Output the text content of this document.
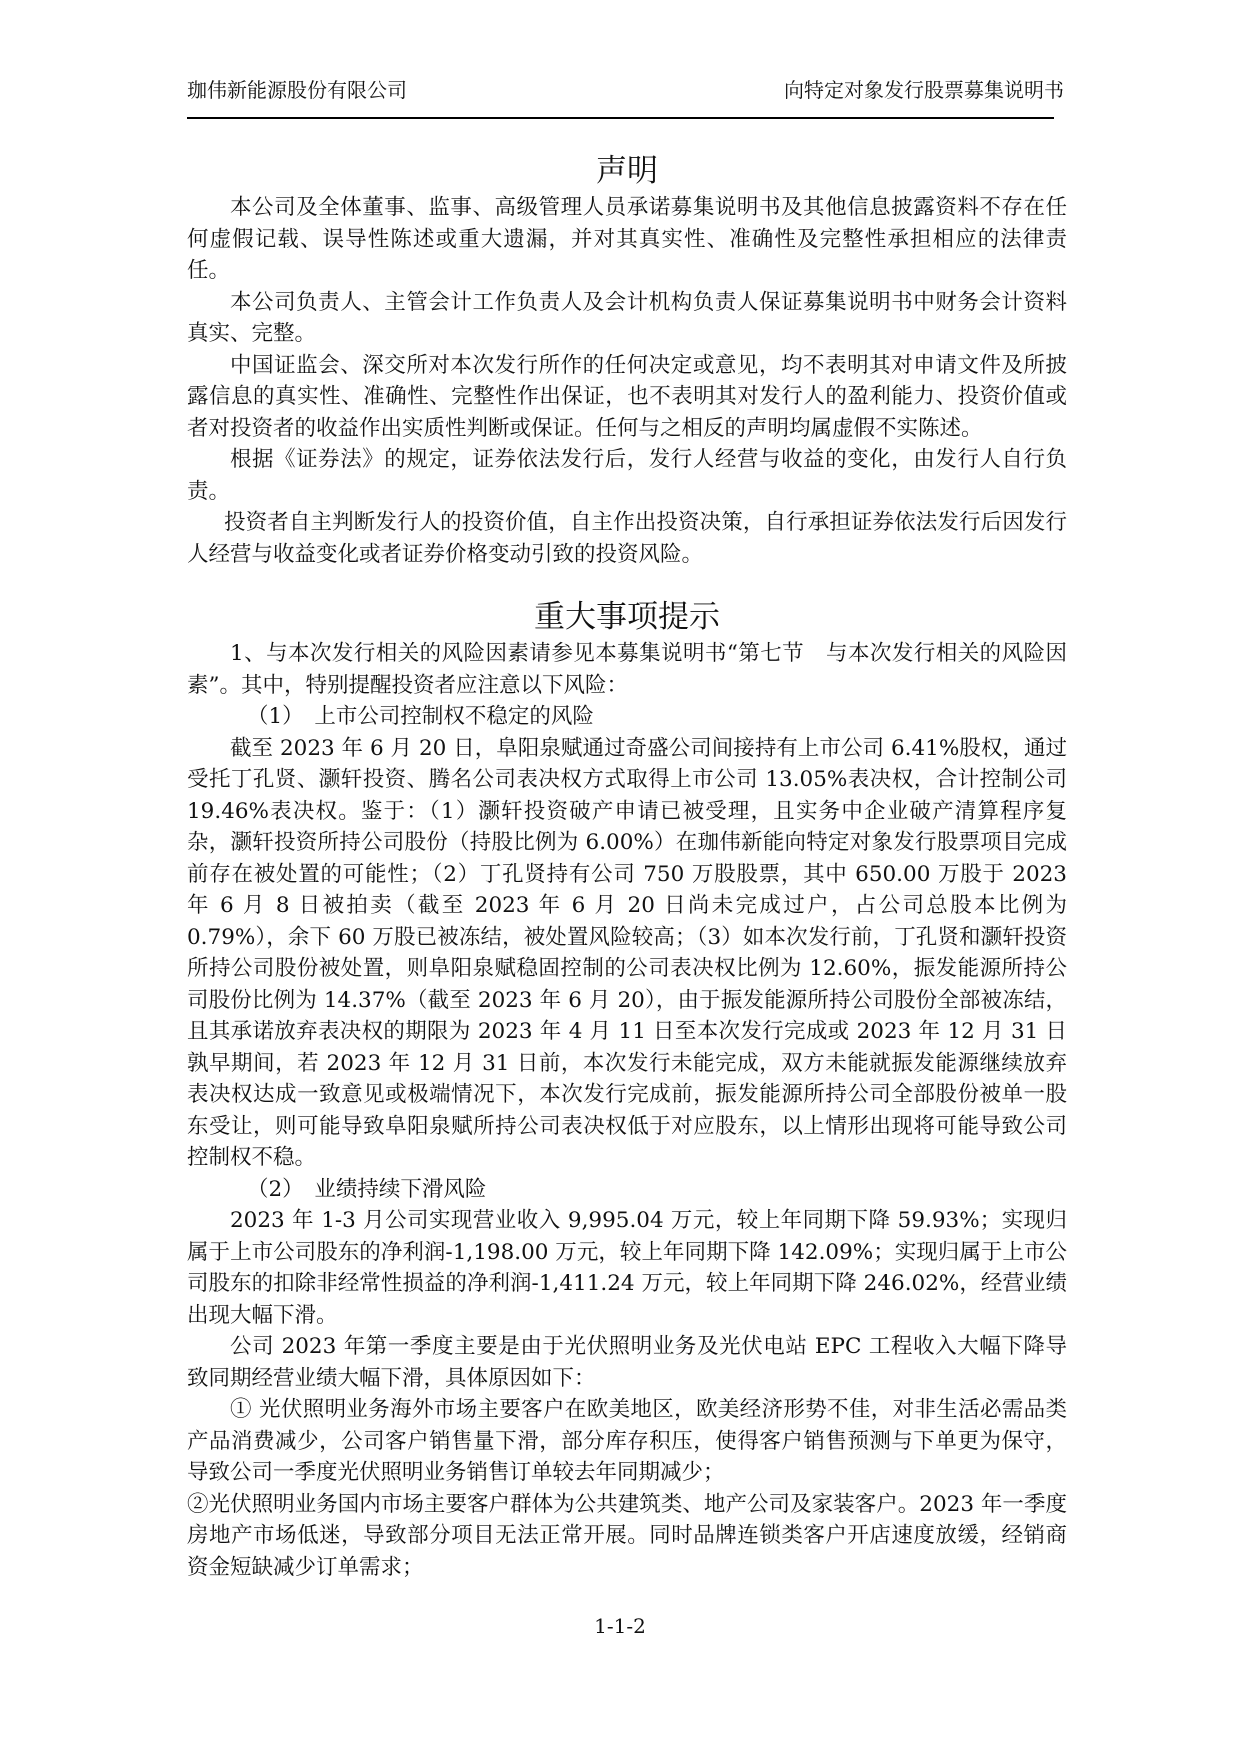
珈伟新能源股份有限公司	向特定对象发行股票募集说明书
声明

本公司及全体董事、监事、高级管理人员承诺募集说明书及其他信息披露资料不存在任何虚假记载、误导性陈述或重大遗漏，并对其真实性、准确性及完整性承担相应的法律责任。

本公司负责人、主管会计工作负责人及会计机构负责人保证募集说明书中财务会计资料真实、完整。

中国证监会、深交所对本次发行所作的任何决定或意见，均不表明其对申请文件及所披露信息的真实性、准确性、完整性作出保证，也不表明其对发行人的盈利能力、投资价值或者对投资者的收益作出实质性判断或保证。任何与之相反的声明均属虚假不实陈述。

根据《证券法》的规定，证券依法发行后，发行人经营与收益的变化，由发行人自行负责。

投资者自主判断发行人的投资价值，自主作出投资决策，自行承担证券依法发行后因发行人经营与收益变化或者证券价格变动引致的投资风险。

重大事项提示

1、与本次发行相关的风险因素请参见本募集说明书“第七节　与本次发行相关的风险因素”。其中，特别提醒投资者应注意以下风险：

（1）　上市公司控制权不稳定的风险

截至 2023 年 6 月 20 日，阜阳泉赋通过奇盛公司间接持有上市公司 6.41%股权，通过受托丁孔贤、灏轩投资、腾名公司表决权方式取得上市公司 13.05%表决权，合计控制公司 19.46%表决权。鉴于：（1）灏轩投资破产申请已被受理，且实务中企业破产清算程序复杂，灏轩投资所持公司股份（持股比例为 6.00%）在珈伟新能向特定对象发行股票项目完成前存在被处置的可能性；（2）丁孔贤持有公司 750 万股股票，其中 650.00 万股于 2023 年 6 月 8 日被拍卖（截至 2023 年 6 月 20 日尚未完成过户，占公司总股本比例为 0.79%），余下 60 万股已被冻结，被处置风险较高；（3）如本次发行前，丁孔贤和灏轩投资所持公司股份被处置，则阜阳泉赋稳固控制的公司表决权比例为 12.60%，振发能源所持公司股份比例为 14.37%（截至 2023 年 6 月 20），由于振发能源所持公司股份全部被冻结，且其承诺放弃表决权的期限为 2023 年 4 月 11 日至本次发行完成或 2023 年 12 月 31 日孰早期间，若 2023 年 12 月 31 日前，本次发行未能完成，双方未能就振发能源继续放弃表决权达成一致意见或极端情况下，本次发行完成前，振发能源所持公司全部股份被单一股东受让，则可能导致阜阳泉赋所持公司表决权低于对应股东，以上情形出现将可能导致公司控制权不稳。

（2）　业绩持续下滑风险

2023 年 1-3 月公司实现营业收入 9,995.04 万元，较上年同期下降 59.93%；实现归属于上市公司股东的净利润-1,198.00 万元，较上年同期下降 142.09%；实现归属于上市公司股东的扣除非经常性损益的净利润-1,411.24 万元，较上年同期下降 246.02%，经营业绩出现大幅下滑。

公司 2023 年第一季度主要是由于光伏照明业务及光伏电站 EPC 工程收入大幅下降导致同期经营业绩大幅下滑，具体原因如下：

① 光伏照明业务海外市场主要客户在欧美地区，欧美经济形势不佳，对非生活必需品类产品消费减少，公司客户销售量下滑，部分库存积压，使得客户销售预测与下单更为保守，导致公司一季度光伏照明业务销售订单较去年同期减少；

②光伏照明业务国内市场主要客户群体为公共建筑类、地产公司及家装客户。2023 年一季度房地产市场低迷，导致部分项目无法正常开展。同时品牌连锁类客户开店速度放缓，经销商资金短缺减少订单需求；

1-1-2
